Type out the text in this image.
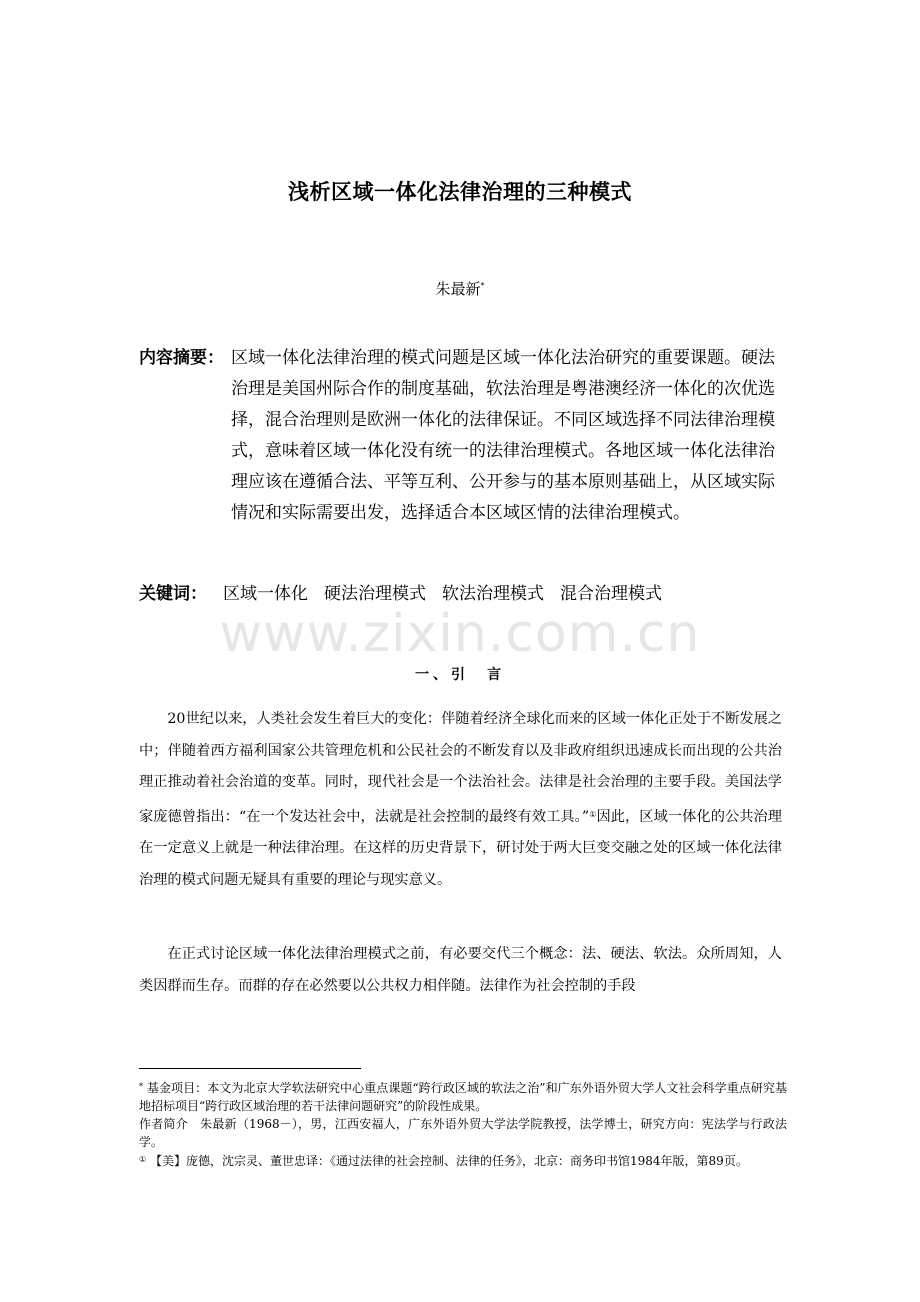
浅析区域一体化法律治理的三种模式
朱最新*
内容摘要： 区域一体化法律治理的模式问题是区域一体化法治研究的重要课题。硬法治理是美国州际合作的制度基础，软法治理是粤港澳经济一体化的次优选择，混合治理则是欧洲一体化的法律保证。不同区域选择不同法律治理模式，意味着区域一体化没有统一的法律治理模式。各地区域一体化法律治理应该在遵循合法、平等互利、公开参与的基本原则基础上，从区域实际情况和实际需要出发，选择适合本区域区情的法律治理模式。
关键词： 区域一体化 硬法治理模式 软法治理模式 混合治理模式
www.zixin.com.cn
一、引　言
20世纪以来，人类社会发生着巨大的变化：伴随着经济全球化而来的区域一体化正处于不断发展之中；伴随着西方福利国家公共管理危机和公民社会的不断发育以及非政府组织迅速成长而出现的公共治理正推动着社会治道的变革。同时，现代社会是一个法治社会。法律是社会治理的主要手段。美国法学家庞德曾指出：“在一个发达社会中，法就是社会控制的最终有效工具。”①因此，区域一体化的公共治理在一定意义上就是一种法律治理。在这样的历史背景下，研讨处于两大巨变交融之处的区域一体化法律治理的模式问题无疑具有重要的理论与现实意义。
在正式讨论区域一体化法律治理模式之前，有必要交代三个概念：法、硬法、软法。众所周知，人类因群而生存。而群的存在必然要以公共权力相伴随。法律作为社会控制的手段

* 基金项目：本文为北京大学软法研究中心重点课题“跨行政区域的软法之治”和广东外语外贸大学人文社会科学重点研究基地招标项目“跨行政区域治理的若干法律问题研究”的阶段性成果。

作者简介　朱最新（1968－），男，江西安福人，广东外语外贸大学法学院教授，法学博士，研究方向：宪法学与行政法学。

① 【美】庞德，沈宗灵、董世忠译：《通过法律的社会控制、法律的任务》，北京：商务印书馆1984年版，第89页。
